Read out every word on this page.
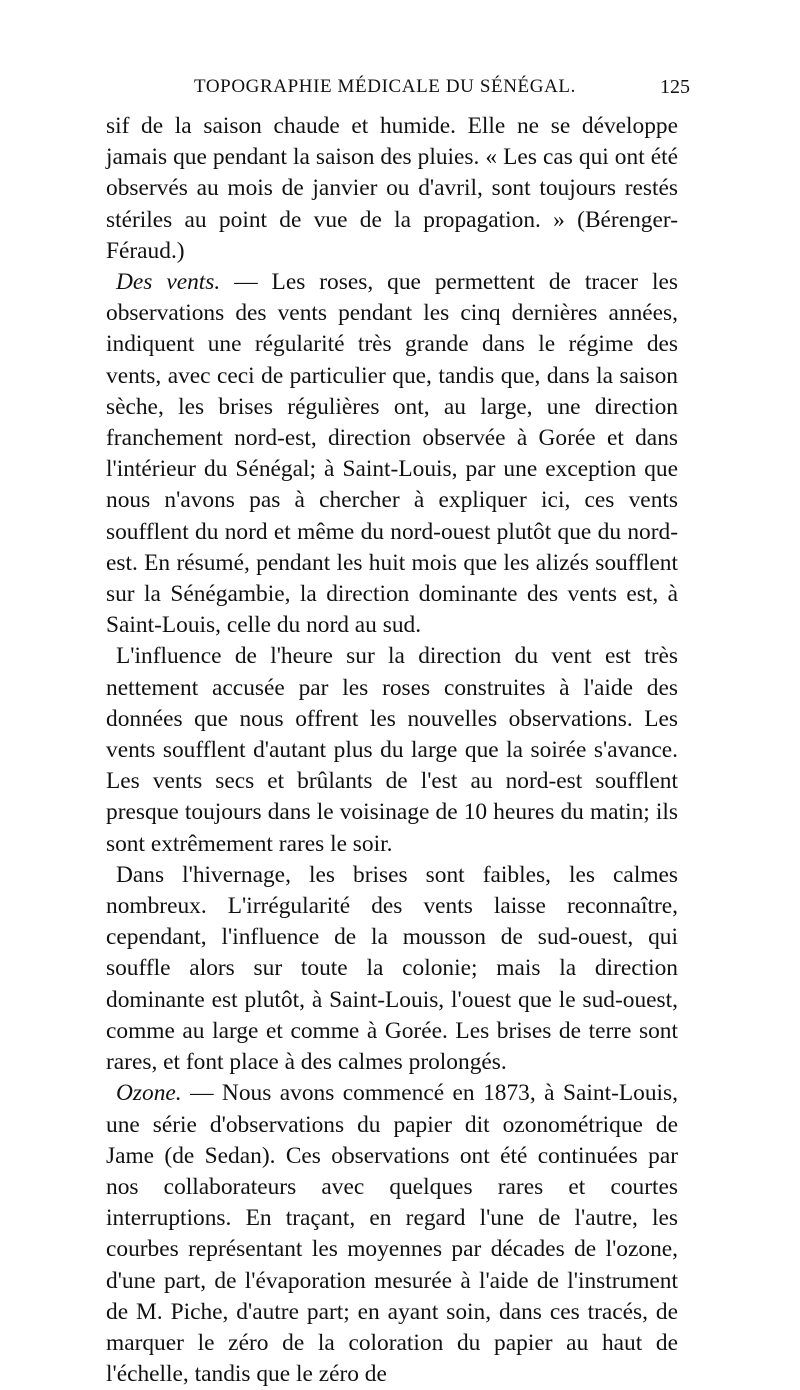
TOPOGRAPHIE MÉDICALE DU SÉNÉGAL.	125

sif de la saison chaude et humide. Elle ne se développe jamais que pendant la saison des pluies. « Les cas qui ont été observés au mois de janvier ou d'avril, sont toujours restés stériles au point de vue de la propagation. » (Bérenger-Féraud.)

Des vents. — Les roses, que permettent de tracer les observations des vents pendant les cinq dernières années, indiquent une régularité très grande dans le régime des vents, avec ceci de particulier que, tandis que, dans la saison sèche, les brises régulières ont, au large, une direction franchement nord-est, direction observée à Gorée et dans l'intérieur du Sénégal; à Saint-Louis, par une exception que nous n'avons pas à chercher à expliquer ici, ces vents soufflent du nord et même du nord-ouest plutôt que du nord-est. En résumé, pendant les huit mois que les alizés soufflent sur la Sénégambie, la direction dominante des vents est, à Saint-Louis, celle du nord au sud.

L'influence de l'heure sur la direction du vent est très nettement accusée par les roses construites à l'aide des données que nous offrent les nouvelles observations. Les vents soufflent d'autant plus du large que la soirée s'avance. Les vents secs et brûlants de l'est au nord-est soufflent presque toujours dans le voisinage de 10 heures du matin; ils sont extrêmement rares le soir.

Dans l'hivernage, les brises sont faibles, les calmes nombreux. L'irrégularité des vents laisse reconnaître, cependant, l'influence de la mousson de sud-ouest, qui souffle alors sur toute la colonie; mais la direction dominante est plutôt, à Saint-Louis, l'ouest que le sud-ouest, comme au large et comme à Gorée. Les brises de terre sont rares, et font place à des calmes prolongés.

Ozone. — Nous avons commencé en 1873, à Saint-Louis, une série d'observations du papier dit ozonométrique de Jame (de Sedan). Ces observations ont été continuées par nos collaborateurs avec quelques rares et courtes interruptions. En traçant, en regard l'une de l'autre, les courbes représentant les moyennes par décades de l'ozone, d'une part, de l'évaporation mesurée à l'aide de l'instrument de M. Piche, d'autre part; en ayant soin, dans ces tracés, de marquer le zéro de la coloration du papier au haut de l'échelle, tandis que le zéro de
